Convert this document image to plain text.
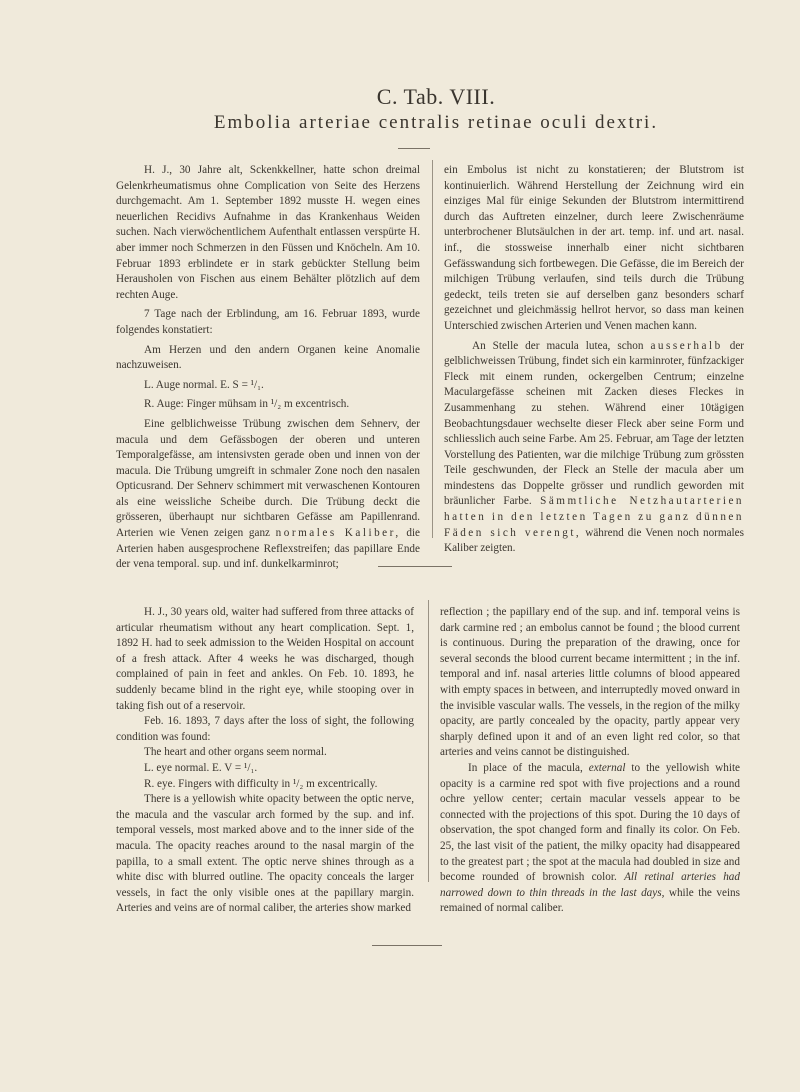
C. Tab. VIII.
Embolia arteriae centralis retinae oculi dextri.

H. J., 30 Jahre alt, Sckenkkellner, hatte schon dreimal Gelenkrheumatismus ohne Complication von Seite des Herzens durchgemacht. Am 1. September 1892 musste H. wegen eines neuerlichen Recidivs Aufnahme in das Krankenhaus Weiden suchen. Nach vierwöchentlichem Aufenthalt entlassen verspürte H. aber immer noch Schmerzen in den Füssen und Knöcheln. Am 10. Februar 1893 erblindete er in stark gebückter Stellung beim Herausholen von Fischen aus einem Behälter plötzlich auf dem rechten Auge.

7 Tage nach der Erblindung, am 16. Februar 1893, wurde folgendes konstatiert:

Am Herzen und den andern Organen keine Anomalie nachzuweisen.

L. Auge normal. E. S = ¹/₁.

R. Auge: Finger mühsam in ¹/₂ m excentrisch.

Eine gelblichweisse Trübung zwischen dem Sehnerv, der macula und dem Gefässbogen der oberen und unteren Temporalgefässe, am intensivsten gerade oben und innen von der macula. Die Trübung umgreift in schmaler Zone noch den nasalen Opticusrand. Der Sehnerv schimmert mit verwaschenen Kontouren als eine weissliche Scheibe durch. Die Trübung deckt die grösseren, überhaupt nur sichtbaren Gefässe am Papillenrand. Arterien wie Venen zeigen ganz normales Kaliber, die Arterien haben ausgesprochene Reflexstreifen; das papillare Ende der vena temporal. sup. und inf. dunkelkarminrot;

ein Embolus ist nicht zu konstatieren; der Blutstrom ist kontinuierlich. Während Herstellung der Zeichnung wird ein einziges Mal für einige Sekunden der Blutstrom intermittirend durch das Auftreten einzelner, durch leere Zwischenräume unterbrochener Blutsäulchen in der art. temp. inf. und art. nasal. inf., die stossweise innerhalb einer nicht sichtbaren Gefässwandung sich fortbewegen. Die Gefässe, die im Bereich der milchigen Trübung verlaufen, sind teils durch die Trübung gedeckt, teils treten sie auf derselben ganz besonders scharf gezeichnet und gleichmässig hellrot hervor, so dass man keinen Unterschied zwischen Arterien und Venen machen kann.

An Stelle der macula lutea, schon ausserhalb der gelblichweissen Trübung, findet sich ein karminroter, fünfzackiger Fleck mit einem runden, ockergelben Centrum; einzelne Maculargefässe scheinen mit Zacken dieses Fleckes in Zusammenhang zu stehen. Während einer 10tägigen Beobachtungsdauer wechselte dieser Fleck aber seine Form und schliesslich auch seine Farbe. Am 25. Februar, am Tage der letzten Vorstellung des Patienten, war die milchige Trübung zum grössten Teile geschwunden, der Fleck an Stelle der macula aber um mindestens das Doppelte grösser und rundlich geworden mit bräunlicher Farbe. Sämmtliche Netzhautarterien hatten in den letzten Tagen zu ganz dünnen Fäden sich verengt, während die Venen noch normales Kaliber zeigten.

H. J., 30 years old, waiter had suffered from three attacks of articular rheumatism without any heart complication. Sept. 1, 1892 H. had to seek admission to the Weiden Hospital on account of a fresh attack. After 4 weeks he was discharged, though complained of pain in feet and ankles. On Feb. 10. 1893, he suddenly became blind in the right eye, while stooping over in taking fish out of a reservoir.

Feb. 16. 1893, 7 days after the loss of sight, the following condition was found:

The heart and other organs seem normal.

L. eye normal. E. V = ¹/₁.

R. eye. Fingers with difficulty in ¹/₂ m excentrically.

There is a yellowish white opacity between the optic nerve, the macula and the vascular arch formed by the sup. and inf. temporal vessels, most marked above and to the inner side of the macula. The opacity reaches around to the nasal margin of the papilla, to a small extent. The optic nerve shines through as a white disc with blurred outline. The opacity conceals the larger vessels, in fact the only visible ones at the papillary margin. Arteries and veins are of normal caliber, the arteries show marked

reflection ; the papillary end of the sup. and inf. temporal veins is dark carmine red ; an embolus cannot be found ; the blood current is continuous. During the preparation of the drawing, once for several seconds the blood current became intermittent ; in the inf. temporal and inf. nasal arteries little columns of blood appeared with empty spaces in between, and interruptedly moved onward in the invisible vascular walls. The vessels, in the region of the milky opacity, are partly concealed by the opacity, partly appear very sharply defined upon it and of an even light red color, so that arteries and veins cannot be distinguished.

In place of the macula, external to the yellowish white opacity is a carmine red spot with five projections and a round ochre yellow center; certain macular vessels appear to be connected with the projections of this spot. During the 10 days of observation, the spot changed form and finally its color. On Feb. 25, the last visit of the patient, the milky opacity had disappeared to the greatest part ; the spot at the macula had doubled in size and become rounded of brownish color. All retinal arteries had narrowed down to thin threads in the last days, while the veins remained of normal caliber.
